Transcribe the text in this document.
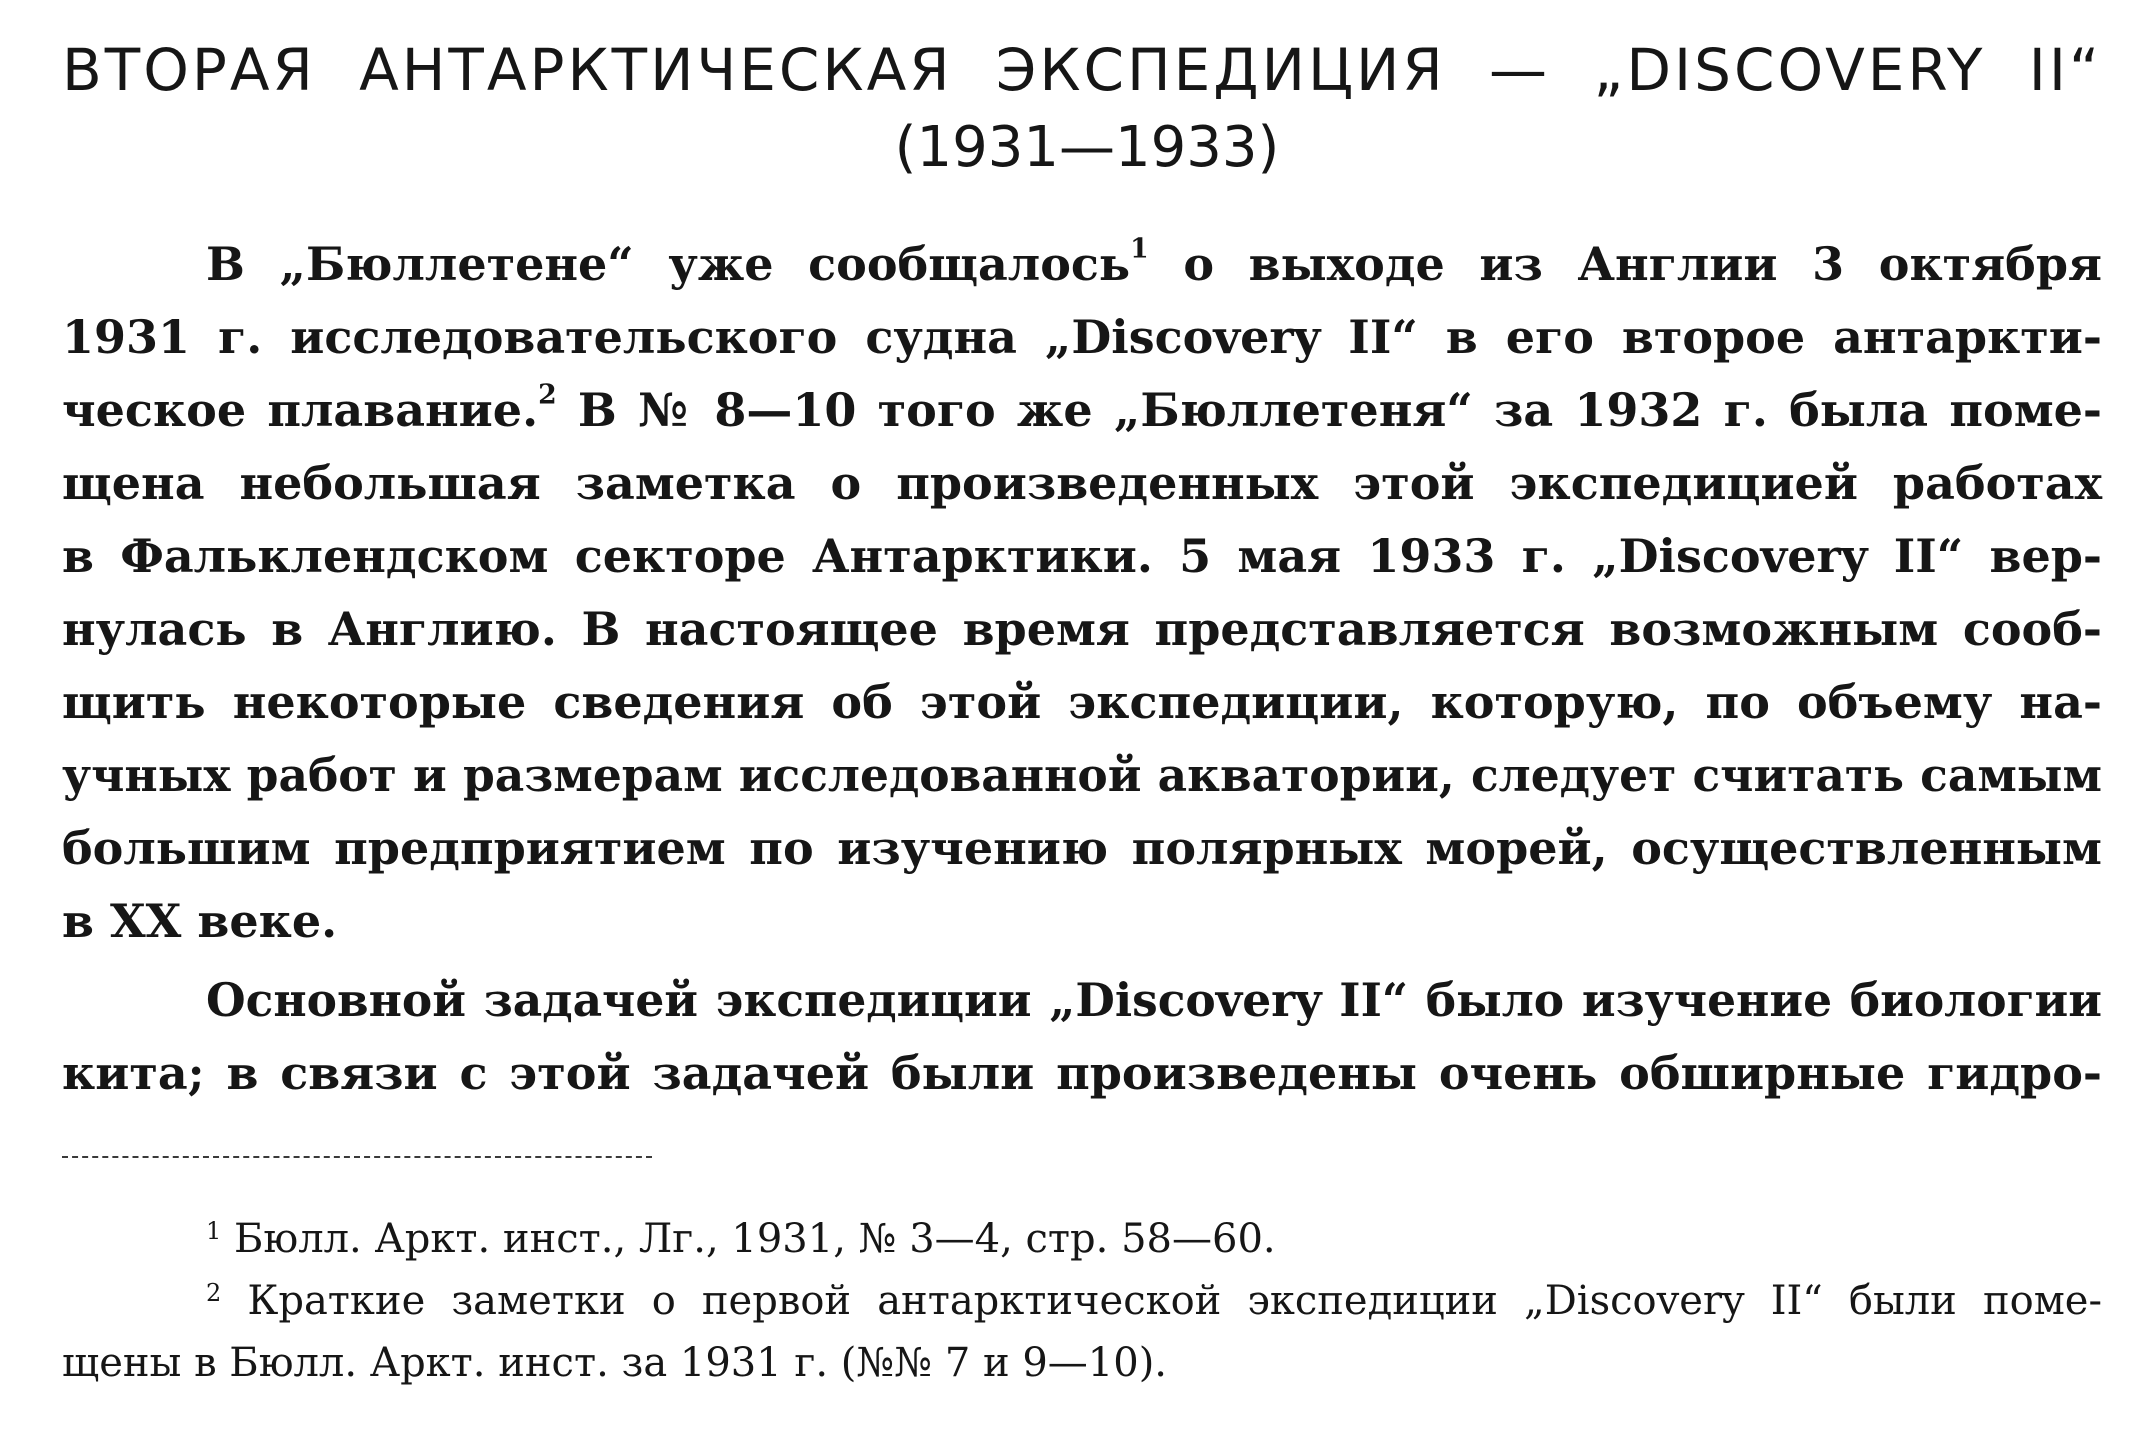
ВТОРАЯ АНТАРКТИЧЕСКАЯ ЭКСПЕДИЦИЯ — „DISCOVERY II“
(1931—1933)

В „Бюллетене“ уже сообщалось$^1$ о выходе из Англии 3 октября
1931 г. исследовательского судна „Discovery II“ в его второе антаркти-
ческое плавание.$^2$ В № 8—10 того же „Бюллетеня“ за 1932 г. была поме-
щена небольшая заметка о произведенных этой экспедицией работах
в Фальклендском секторе Антарктики. 5 мая 1933 г. „Discovery II“ вер-
нулась в Англию. В настоящее время представляется возможным сооб-
щить некоторые сведения об этой экспедиции, которую, по объему на-
учных работ и размерам исследованной акватории, следует считать самым
большим предприятием по изучению полярных морей, осуществленным
в XX веке.

Основной задачей экспедиции „Discovery II“ было изучение биологии
кита; в связи с этой задачей были произведены очень обширные гидро-

$^1$ Бюлл. Аркт. инст., Лг., 1931, № 3—4, стр. 58—60.

$^2$ Краткие заметки о первой антарктической экспедиции „Discovery II“ были поме-
щены в Бюлл. Аркт. инст. за 1931 г. (№№ 7 и 9—10).
